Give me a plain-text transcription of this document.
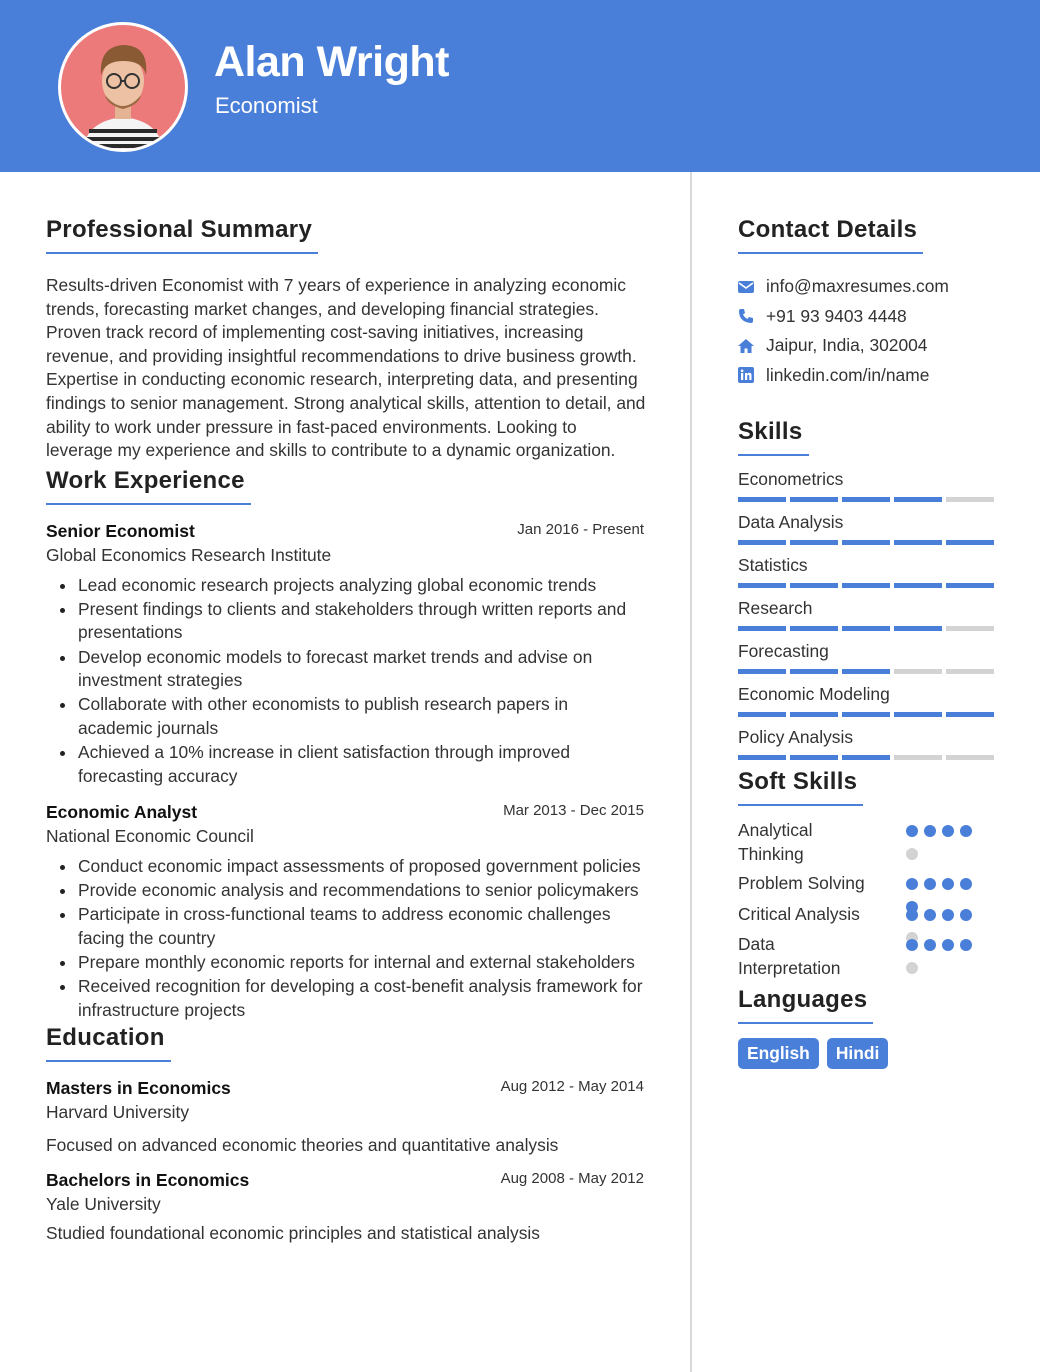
Alan Wright
Economist
Professional Summary
Results-driven Economist with 7 years of experience in analyzing economic trends, forecasting market changes, and developing financial strategies. Proven track record of implementing cost-saving initiatives, increasing revenue, and providing insightful recommendations to drive business growth. Expertise in conducting economic research, interpreting data, and presenting findings to senior management. Strong analytical skills, attention to detail, and ability to work under pressure in fast-paced environments. Looking to leverage my experience and skills to contribute to a dynamic organization.
Work Experience
Senior Economist	Jan 2016 - Present
Global Economics Research Institute
Lead economic research projects analyzing global economic trends
Present findings to clients and stakeholders through written reports and presentations
Develop economic models to forecast market trends and advise on investment strategies
Collaborate with other economists to publish research papers in academic journals
Achieved a 10% increase in client satisfaction through improved forecasting accuracy
Economic Analyst	Mar 2013 - Dec 2015
National Economic Council
Conduct economic impact assessments of proposed government policies
Provide economic analysis and recommendations to senior policymakers
Participate in cross-functional teams to address economic challenges facing the country
Prepare monthly economic reports for internal and external stakeholders
Received recognition for developing a cost-benefit analysis framework for infrastructure projects
Education
Masters in Economics	Aug 2012 - May 2014
Harvard University
Focused on advanced economic theories and quantitative analysis
Bachelors in Economics	Aug 2008 - May 2012
Yale University
Studied foundational economic principles and statistical analysis
Contact Details
info@maxresumes.com
+91 93 9403 4448
Jaipur, India, 302004
linkedin.com/in/name
Skills
Econometrics
Data Analysis
Statistics
Research
Forecasting
Economic Modeling
Policy Analysis
Soft Skills
Analytical Thinking
Problem Solving
Critical Analysis
Data Interpretation
Languages
English	Hindi
